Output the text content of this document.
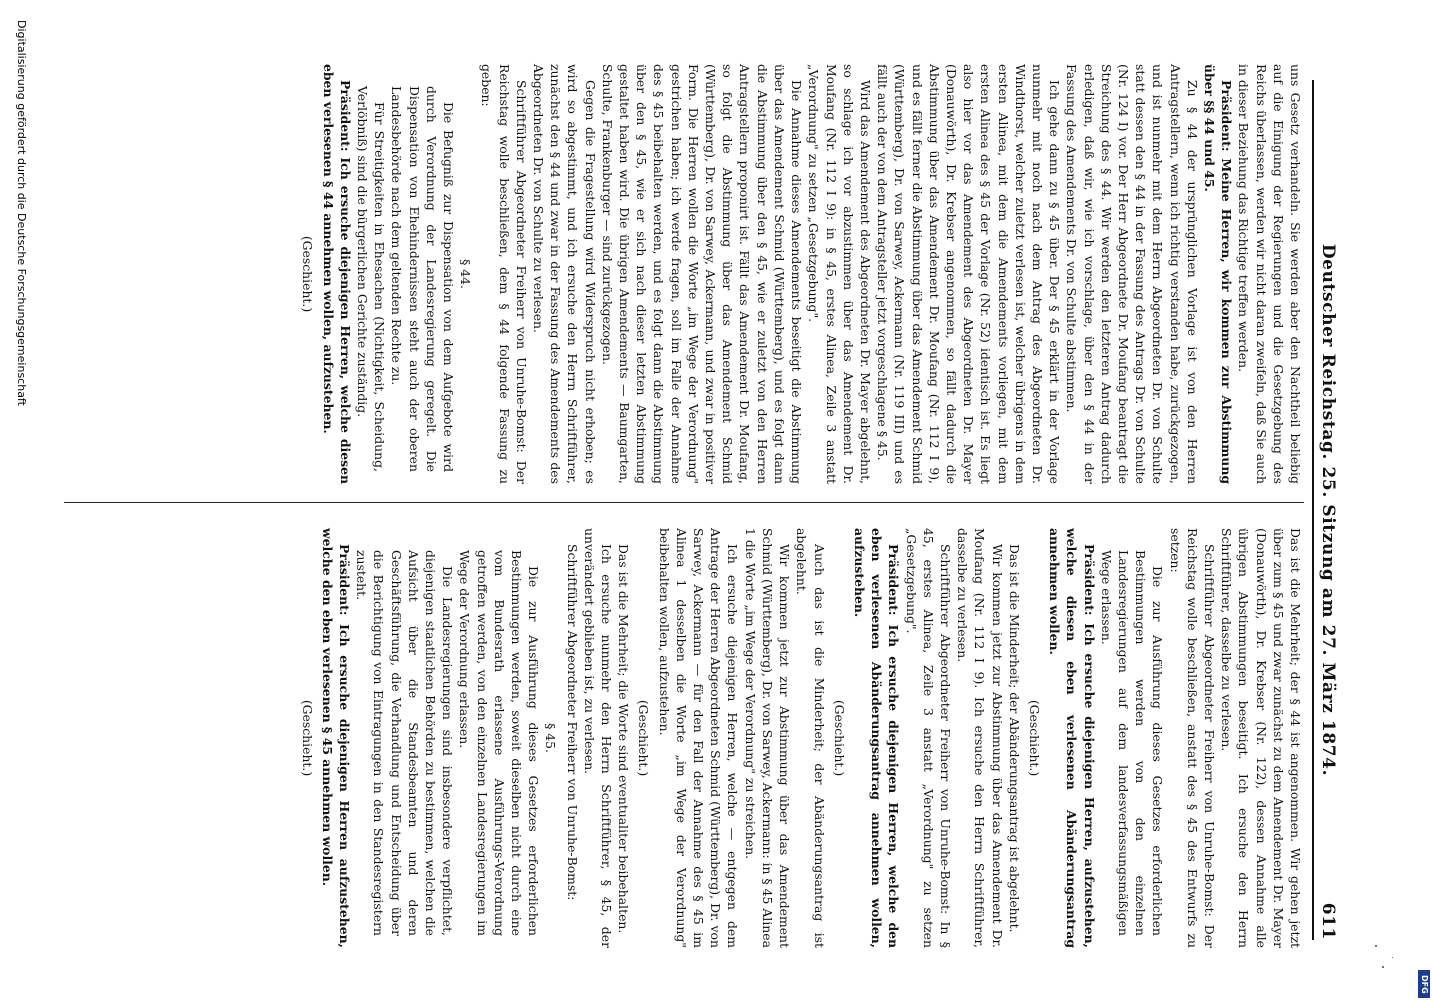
Deutscher Reichstag. 25. Sitzung am 27. März 1874.
611

uns Gesetz verhandeln. Sie werden aber den Nachtheil beliebig auf die Einigung der Regierungen und die Gesetzgebung des Reichs überlassen, werden wir nicht daran zweifeln, daß Sie auch in dieser Beziehung das Richtige treffen werden.

Präsident: Meine Herren, wir kommen zur Abstimmung über §§ 44 und 45.

Zu § 44 der ursprünglichen Vorlage ist von den Herren Antragstellern, wenn ich richtig verstanden habe, zurückgezogen, und ist nunmehr mit dem Herrn Abgeordneten Dr. von Schulte statt dessen den § 44 in der Fassung des Antrags Dr. von Schulte (Nr. 124 I) vor. Der Herr Abgeordnete Dr. Moufang beantragt die Streichung des § 44. Wir werden den letzteren Antrag dadurch erledigen, daß wir, wie ich vorschlage, über den § 44 in der Fassung des Amendements Dr. von Schulte abstimmen.

Ich gehe dann zu § 45 über. Der § 45 erklärt in der Vorlage nunmehr mit noch nach dem Antrag des Abgeordneten Dr. Windthorst, welcher zuletzt verlesen ist, welcher übrigens in dem ersten Alinea, mit dem die Amendements vorliegen, mit dem ersten Alinea des § 45 der Vorlage (Nr. 52) identisch ist. Es liegt also hier vor das Amendement des Abgeordneten Dr. Mayer (Donauwörth), Dr. Krebser angenommen, so fällt dadurch die Abstimmung über das Amendement Dr. Moufang (Nr. 112 I 9), und es fällt ferner die Abstimmung über das Amendement Schmid (Württemberg), Dr. von Sarwey, Ackermann (Nr. 119 III) und es fällt auch der von dem Antragsteller jetzt vorgeschlagene § 45.

Wird das Amendement des Abgeordneten Dr. Mayer abgelehnt, so schlage ich vor abzustimmen über das Amendement Dr. Moufang (Nr. 112 I 9): in § 45, erstes Alinea, Zeile 3 anstatt „Verordnung" zu setzen „Gesetzgebung".

Die Annahme dieses Amendements beseitigt die Abstimmung über das Amendement Schmid (Württemberg), und es folgt dann die Abstimmung über den § 45, wie er zuletzt von den Herren Antragstellern proponirt ist. Fällt das Amendement Dr. Moufang, so folgt die Abstimmung über das Amendement Schmid (Württemberg), Dr. von Sarwey, Ackermann, und zwar in positiver Form. Die Herren wollen die Worte „im Wege der Verordnung" gestrichen haben; ich werde fragen, soll im Falle der Annahme des § 45 beibehalten werden, und es folgt dann die Abstimmung über den § 45, wie er sich nach dieser letzten Abstimmung gestaltet haben wird. Die übrigen Amendements — Baumgarten, Schulte, Frankenburger — sind zurückgezogen.

Gegen die Fragestellung wird Widerspruch nicht erhoben; es wird so abgestimmt, und ich ersuche den Herrn Schriftführer, zunächst den § 44 und zwar in der Fassung des Amendements des Abgeordneten Dr. von Schulte zu verlesen.

Schriftführer Abgeordneter Freiherr von Unruhe-Bomst: Der Reichstag wolle beschließen, dem § 44 folgende Fassung zu geben:

§ 44.

Die Befugniß zur Dispensation von dem Aufgebote wird durch Verordnung der Landesregierung geregelt. Die Dispensation von Ehehindernissen steht auch der oberen Landesbehörde nach dem geltenden Rechte zu.

Für Streitigkeiten in Ehesachen (Nichtigkeit, Scheidung, Verlöbniß) sind die bürgerlichen Gerichte zuständig.

Präsident: Ich ersuche diejenigen Herren, welche diesen eben verlesenen § 44 annehmen wollen, aufzustehen.

(Geschieht.)

Das ist die Mehrheit; der § 44 ist angenommen. Wir gehen jetzt über zum § 45 und zwar zunächst zu dem Amendement Dr. Mayer (Donauwörth), Dr. Krebser (Nr. 122), dessen Annahme alle übrigen Abstimmungen beseitigt. Ich ersuche den Herrn Schriftführer, dasselbe zu verlesen.

Schriftführer Abgeordneter Freiherr von Unruhe-Bomst: Der Reichstag wolle beschließen, anstatt des § 45 des Entwurfs zu setzen:

Die zur Ausführung dieses Gesetzes erforderlichen Bestimmungen werden von den einzelnen Landesregierungen auf dem landesverfassungsmäßigen Wege erlassen.

Präsident: Ich ersuche diejenigen Herren, aufzustehen, welche diesen eben verlesenen Abänderungsantrag annehmen wollen.

(Geschieht.)

Das ist die Minderheit; der Abänderungsantrag ist abgelehnt.

Wir kommen jetzt zur Abstimmung über das Amendement Dr. Moufang (Nr. 112 I 9). Ich ersuche den Herrn Schriftführer, dasselbe zu verlesen.

Schriftführer Abgeordneter Freiherr von Unruhe-Bomst: In § 45, erstes Alinea, Zeile 3 anstatt „Verordnung" zu setzen „Gesetzgebung".

Präsident: Ich ersuche diejenigen Herren, welche den eben verlesenen Abänderungsantrag annehmen wollen, aufzustehen.

(Geschieht.)

Auch das ist die Minderheit; der Abänderungsantrag ist abgelehnt.

Wir kommen jetzt zur Abstimmung über das Amendement Schmid (Württemberg), Dr. von Sarwey, Ackermann: in § 45 Alinea 1 die Worte „im Wege der Verordnung" zu streichen.

Ich ersuche diejenigen Herren, welche — entgegen dem Antrage der Herren Abgeordneten Schmid (Württemberg), Dr. von Sarwey, Ackermann — für den Fall der Annahme des § 45 im Alinea 1 desselben die Worte „im Wege der Verordnung" beibehalten wollen, aufzustehen.

(Geschieht.)

Das ist die Mehrheit; die Worte sind eventualiter beibehalten.

Ich ersuche nunmehr den Herrn Schriftführer, § 45, der unverändert geblieben ist, zu verlesen.

Schriftführer Abgeordneter Freiherr von Unruhe-Bomst:

§ 45.

Die zur Ausführung dieses Gesetzes erforderlichen Bestimmungen werden, soweit dieselben nicht durch eine vom Bundesrath erlassene Ausführungs-Verordnung getroffen werden, von den einzelnen Landesregierungen im Wege der Verordnung erlassen.

Die Landesregierungen sind insbesondere verpflichtet, diejenigen staatlichen Behörden zu bestimmen, welchen die Aufsicht über die Standesbeamten und deren Geschäftsführung, die Verhandlung und Entscheidung über die Berichtigung von Eintragungen in den Standesregistern zusteht.

Präsident: Ich ersuche diejenigen Herren aufzustehen, welche den eben verlesenen § 45 annehmen wollen.

(Geschieht.)

Digitalisierung gefördert durch die Deutsche Forschungsgemeinschaft
DFG
